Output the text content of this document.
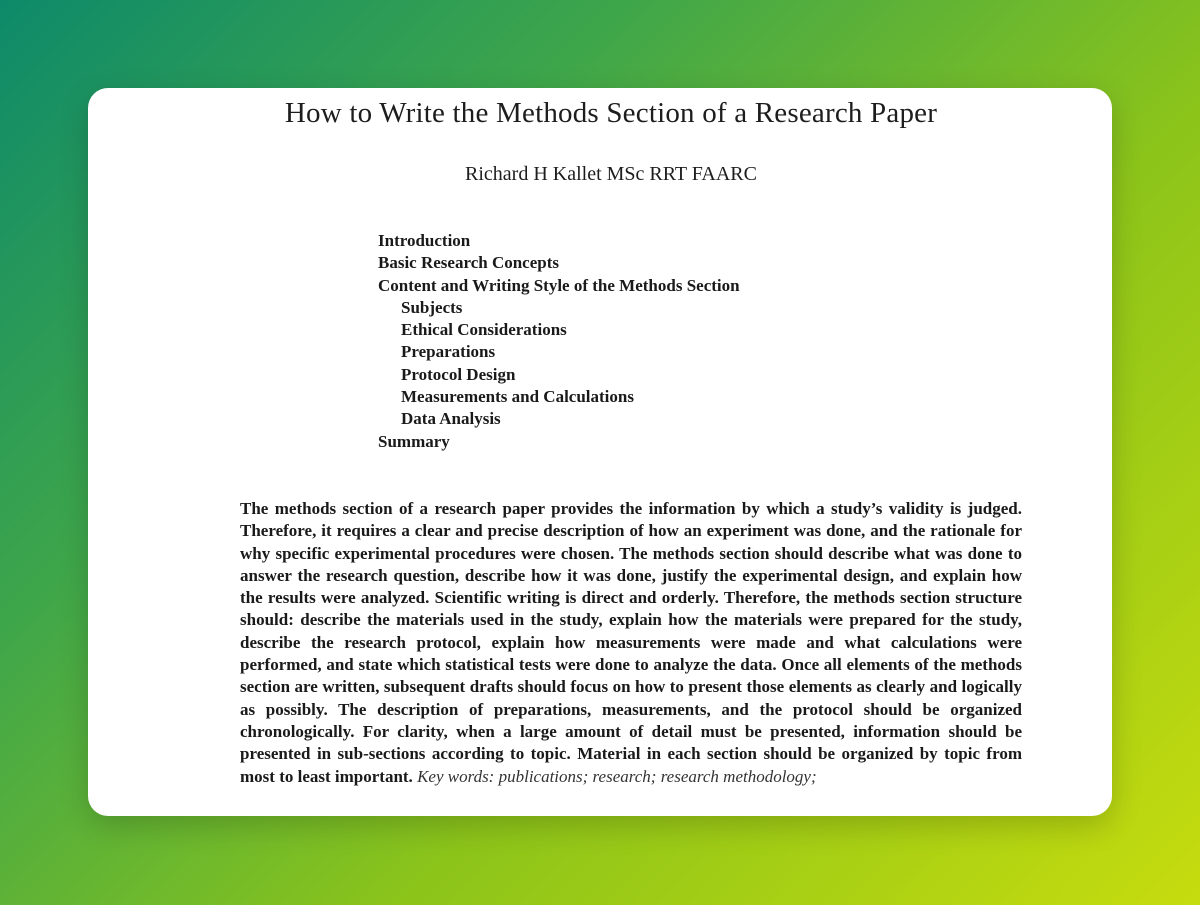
How to Write the Methods Section of a Research Paper
Richard H Kallet MSc RRT FAARC
Introduction
Basic Research Concepts
Content and Writing Style of the Methods Section
Subjects
Ethical Considerations
Preparations
Protocol Design
Measurements and Calculations
Data Analysis
Summary

The methods section of a research paper provides the information by which a study’s validity is judged. Therefore, it requires a clear and precise description of how an experiment was done, and the rationale for why specific experimental procedures were chosen. The methods section should describe what was done to answer the research question, describe how it was done, justify the experimental design, and explain how the results were analyzed. Scientific writing is direct and orderly. Therefore, the methods section structure should: describe the materials used in the study, explain how the materials were prepared for the study, describe the research protocol, explain how measurements were made and what calculations were performed, and state which statistical tests were done to analyze the data. Once all elements of the methods section are written, subsequent drafts should focus on how to present those elements as clearly and logically as possibly. The description of preparations, measurements, and the protocol should be organized chronologically. For clarity, when a large amount of detail must be presented, information should be presented in sub-sections according to topic. Material in each section should be organized by topic from most to least important. Key words: publications; research; research methodology;
